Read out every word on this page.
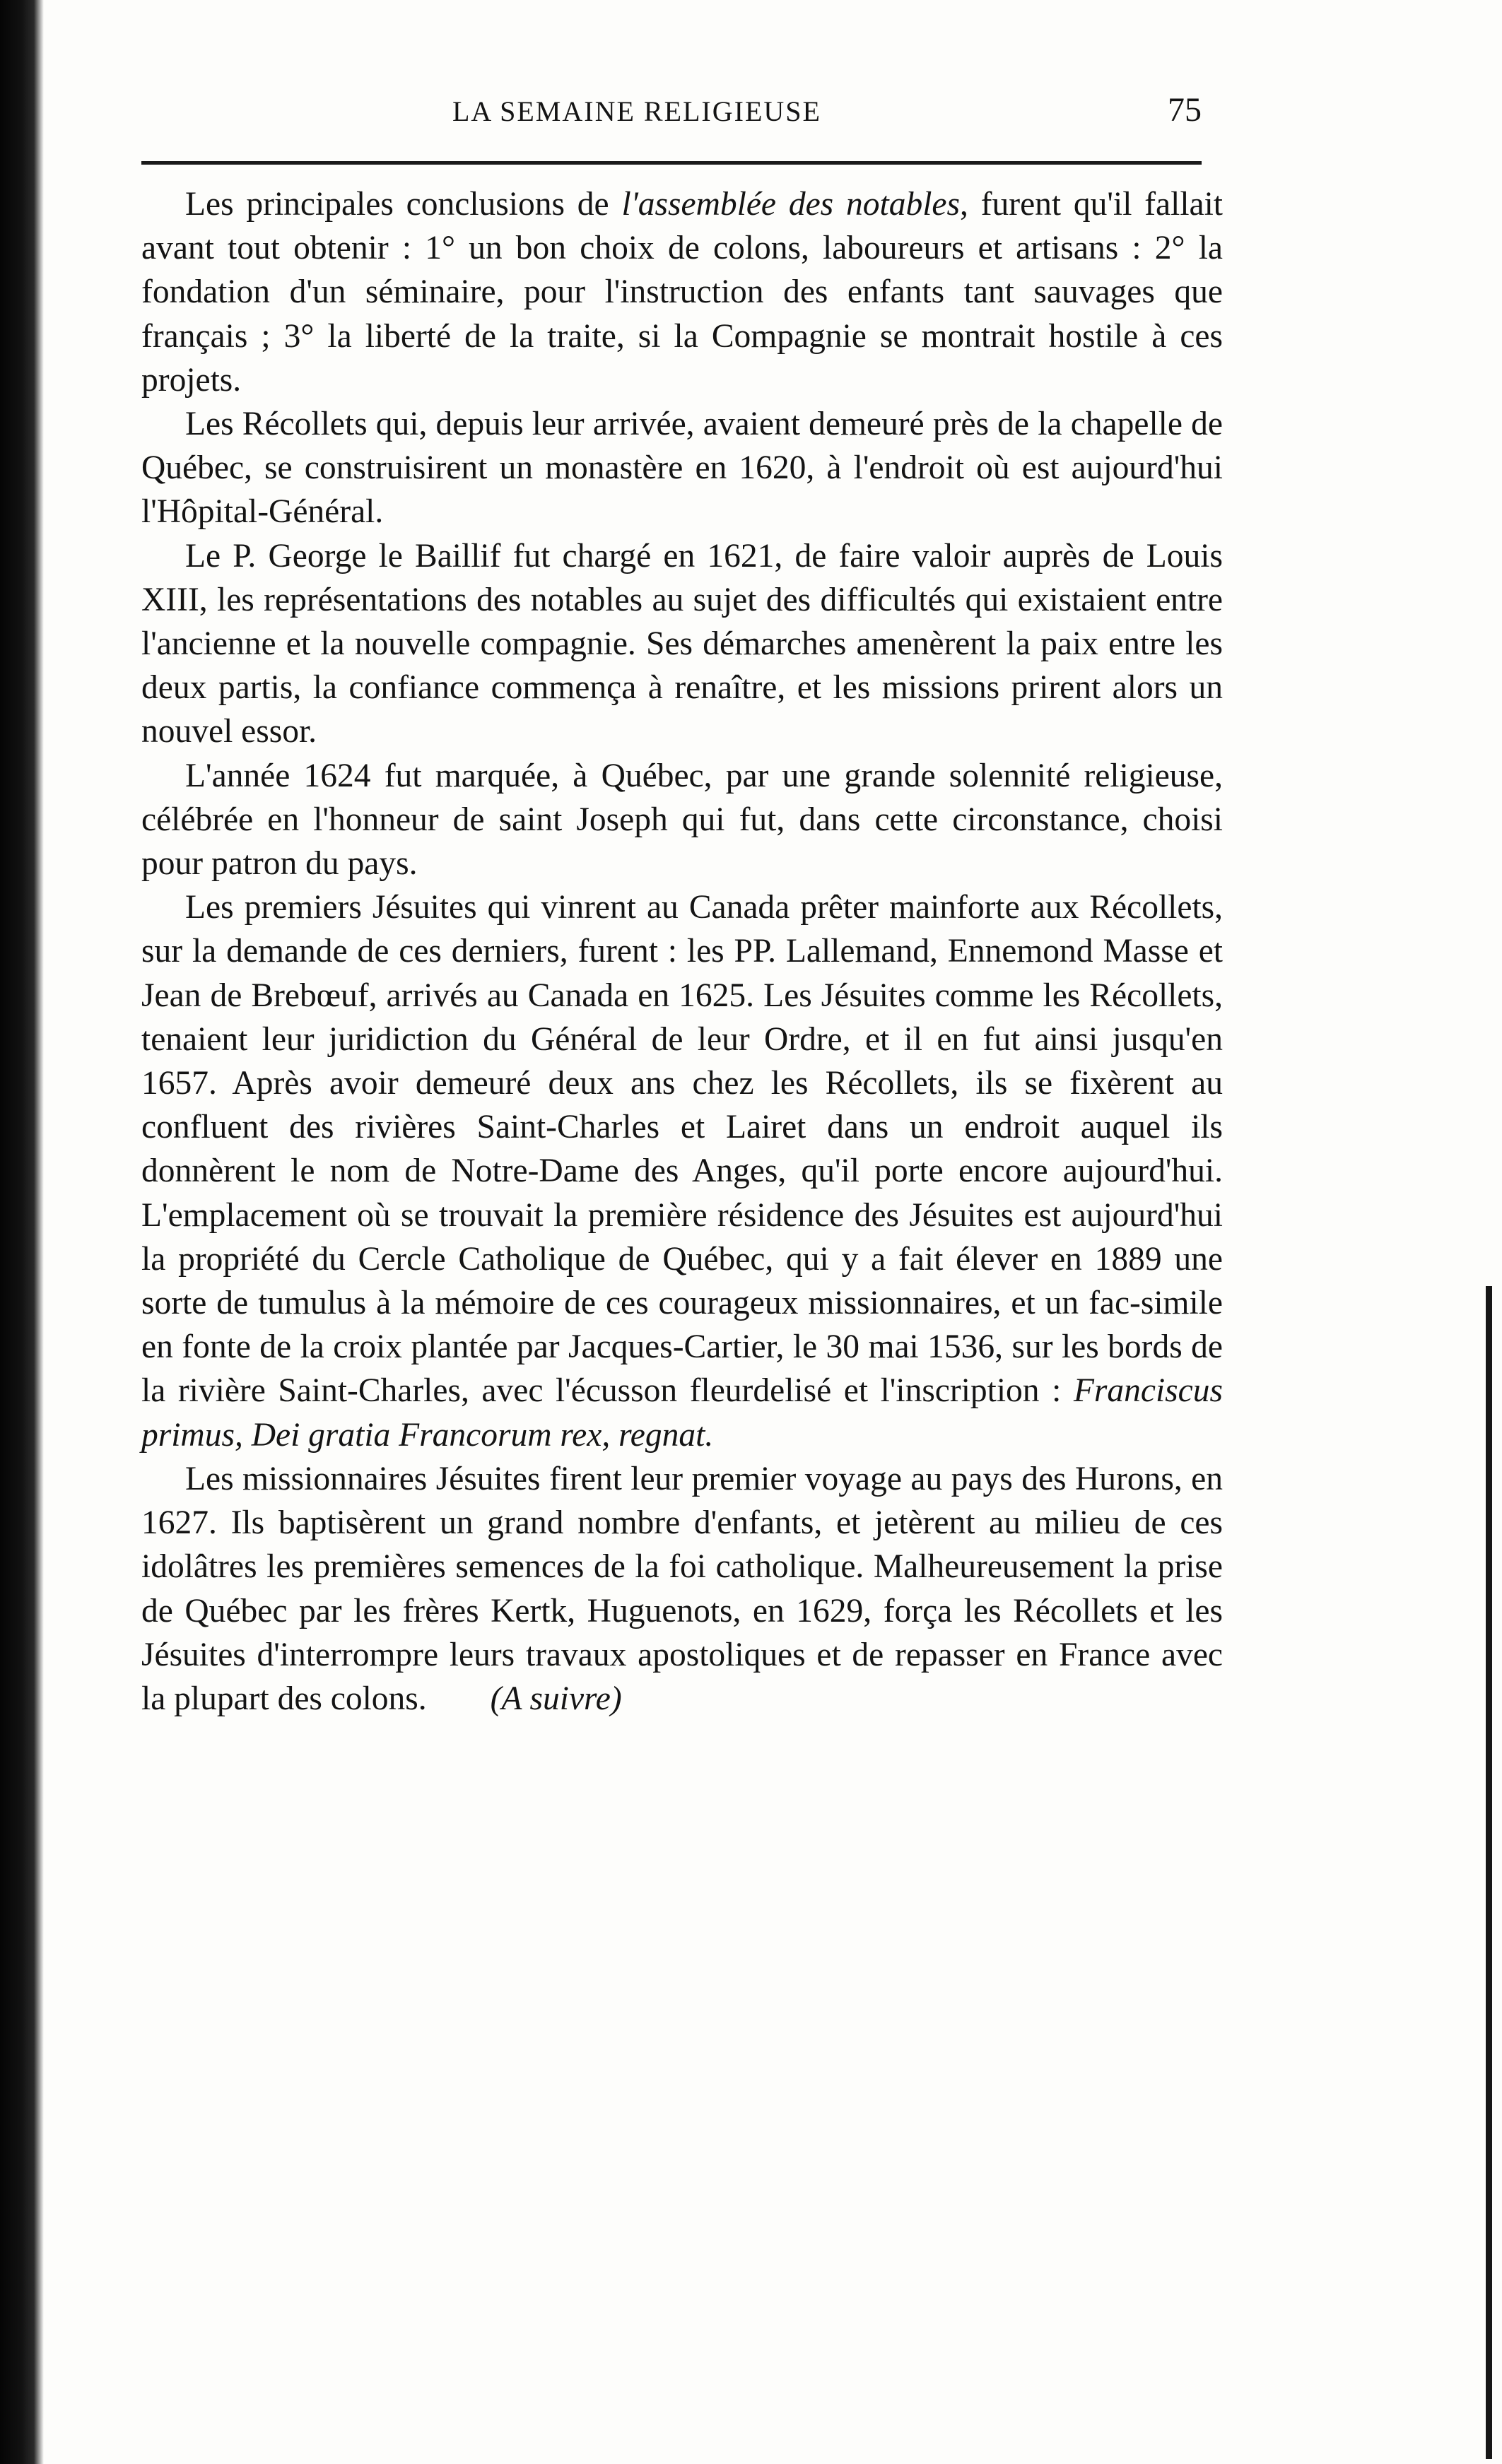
LA SEMAINE RELIGIEUSE	75

Les principales conclusions de l'assemblée des notables, furent qu'il fallait avant tout obtenir : 1° un bon choix de colons, laboureurs et artisans : 2° la fondation d'un séminaire, pour l'instruction des enfants tant sauvages que français ; 3° la liberté de la traite, si la Compagnie se montrait hostile à ces projets.

Les Récollets qui, depuis leur arrivée, avaient demeuré près de la chapelle de Québec, se construisirent un monastère en 1620, à l'endroit où est aujourd'hui l'Hôpital-Général.

Le P. George le Baillif fut chargé en 1621, de faire valoir auprès de Louis XIII, les représentations des notables au sujet des difficultés qui existaient entre l'ancienne et la nouvelle compagnie. Ses démarches amenèrent la paix entre les deux partis, la confiance commença à renaître, et les missions prirent alors un nouvel essor.

L'année 1624 fut marquée, à Québec, par une grande solennité religieuse, célébrée en l'honneur de saint Joseph qui fut, dans cette circonstance, choisi pour patron du pays.

Les premiers Jésuites qui vinrent au Canada prêter mainforte aux Récollets, sur la demande de ces derniers, furent : les PP. Lallemand, Ennemond Masse et Jean de Brebœuf, arrivés au Canada en 1625. Les Jésuites comme les Récollets, tenaient leur juridiction du Général de leur Ordre, et il en fut ainsi jusqu'en 1657. Après avoir demeuré deux ans chez les Récollets, ils se fixèrent au confluent des rivières Saint-Charles et Lairet dans un endroit auquel ils donnèrent le nom de Notre-Dame des Anges, qu'il porte encore aujourd'hui. L'emplacement où se trouvait la première résidence des Jésuites est aujourd'hui la propriété du Cercle Catholique de Québec, qui y a fait élever en 1889 une sorte de tumulus à la mémoire de ces courageux missionnaires, et un fac-simile en fonte de la croix plantée par Jacques-Cartier, le 30 mai 1536, sur les bords de la rivière Saint-Charles, avec l'écusson fleurdelisé et l'inscription : Franciscus primus, Dei gratia Francorum rex, regnat.

Les missionnaires Jésuites firent leur premier voyage au pays des Hurons, en 1627. Ils baptisèrent un grand nombre d'enfants, et jetèrent au milieu de ces idolâtres les premières semences de la foi catholique. Malheureusement la prise de Québec par les frères Kertk, Huguenots, en 1629, força les Récollets et les Jésuites d'interrompre leurs travaux apostoliques et de repasser en France avec la plupart des colons. (A suivre)
